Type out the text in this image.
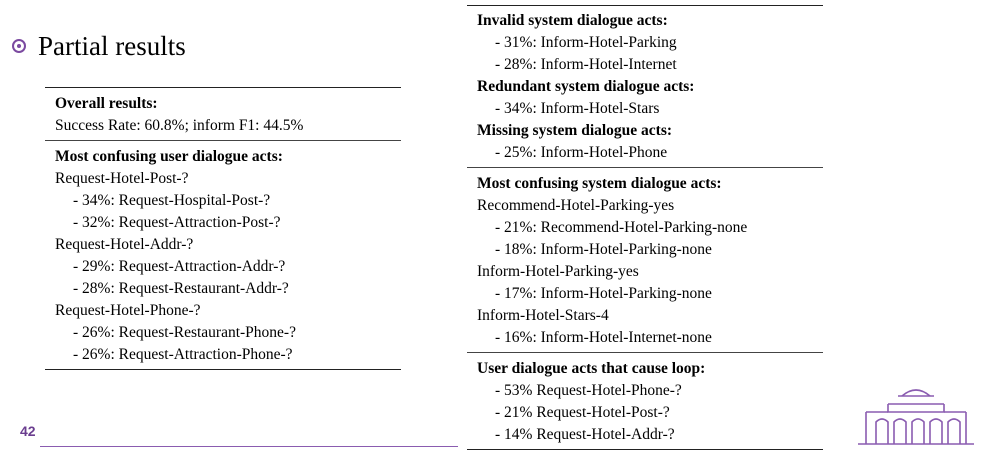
Partial results
Overall results:
Success Rate: 60.8%; inform F1: 44.5%
Most confusing user dialogue acts:
Request-Hotel-Post-?
- 34%: Request-Hospital-Post-?
- 32%: Request-Attraction-Post-?
Request-Hotel-Addr-?
- 29%: Request-Attraction-Addr-?
- 28%: Request-Restaurant-Addr-?
Request-Hotel-Phone-?
- 26%: Request-Restaurant-Phone-?
- 26%: Request-Attraction-Phone-?
Invalid system dialogue acts:
- 31%: Inform-Hotel-Parking
- 28%: Inform-Hotel-Internet
Redundant system dialogue acts:
- 34%: Inform-Hotel-Stars
Missing system dialogue acts:
- 25%: Inform-Hotel-Phone
Most confusing system dialogue acts:
Recommend-Hotel-Parking-yes
- 21%: Recommend-Hotel-Parking-none
- 18%: Inform-Hotel-Parking-none
Inform-Hotel-Parking-yes
- 17%: Inform-Hotel-Parking-none
Inform-Hotel-Stars-4
- 16%: Inform-Hotel-Internet-none
User dialogue acts that cause loop:
- 53% Request-Hotel-Phone-?
- 21% Request-Hotel-Post-?
- 14% Request-Hotel-Addr-?
42
